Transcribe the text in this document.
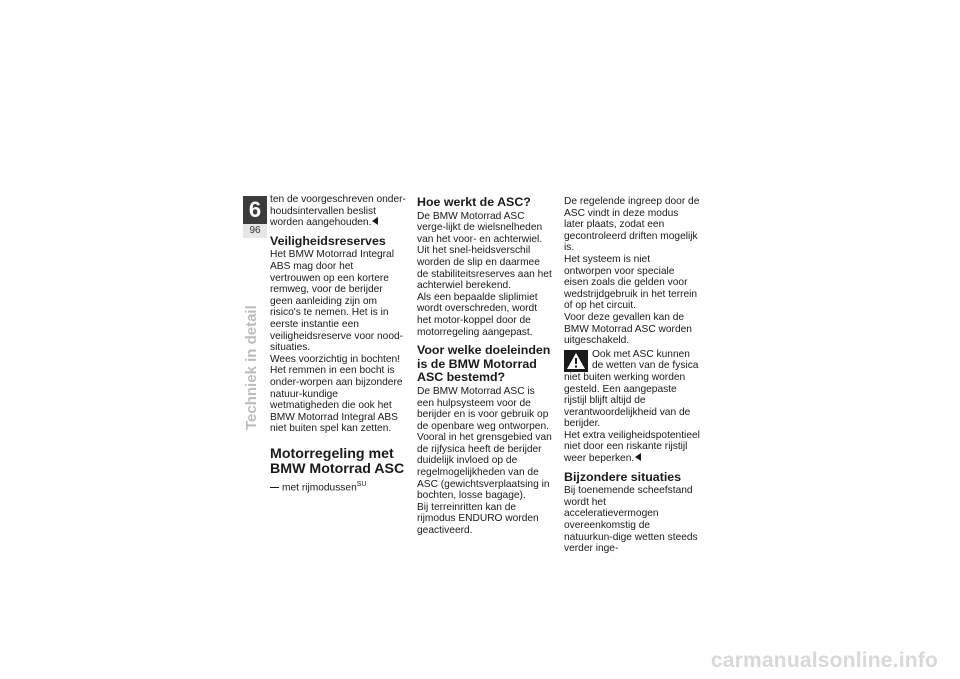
6
96
Techniek in detail

ten de voorgeschreven onder-houdsintervallen beslist worden aangehouden.

Veiligheidsreserves

Het BMW Motorrad Integral ABS mag door het vertrouwen op een kortere remweg, voor de berijder geen aanleiding zijn om risico's te nemen. Het is in eerste instantie een veiligheidsreserve voor nood-situaties.

Wees voorzichtig in bochten! Het remmen in een bocht is onder-worpen aan bijzondere natuur-kundige wetmatigheden die ook het BMW Motorrad Integral ABS niet buiten spel kan zetten.

Motorregeling met BMW Motorrad ASC

met rijmodussen$^{SU}$

Hoe werkt de ASC?

De BMW Motorrad ASC verge-lijkt de wielsnelheden van het voor- en achterwiel. Uit het snel-heidsverschil worden de slip en daarmee de stabiliteitsreserves aan het achterwiel berekend.

Als een bepaalde sliplimiet wordt overschreden, wordt het motor-koppel door de motorregeling aangepast.

Voor welke doeleinden is de BMW Motorrad ASC bestemd?

De BMW Motorrad ASC is een hulpsysteem voor de berijder en is voor gebruik op de openbare weg ontworpen. Vooral in het grensgebied van de rijfysica heeft de berijder duidelijk invloed op de regelmogelijkheden van de ASC (gewichtsverplaatsing in bochten, losse bagage).

Bij terreinritten kan de rijmodus ENDURO worden geactiveerd.

De regelende ingreep door de ASC vindt in deze modus later plaats, zodat een gecontroleerd driften mogelijk is.

Het systeem is niet ontworpen voor speciale eisen zoals die gelden voor wedstrijdgebruik in het terrein of op het circuit.

Voor deze gevallen kan de BMW Motorrad ASC worden uitgeschakeld.

Ook met ASC kunnen de wetten van de fysica niet buiten werking worden gesteld. Een aangepaste rijstijl blijft altijd de verantwoordelijkheid van de berijder.

Het extra veiligheidspotentieel niet door een riskante rijstijl weer beperken.

Bijzondere situaties

Bij toenemende scheefstand wordt het acceleratievermogen overeenkomstig de natuurkun-dige wetten steeds verder inge-

carmanualsonline.info
